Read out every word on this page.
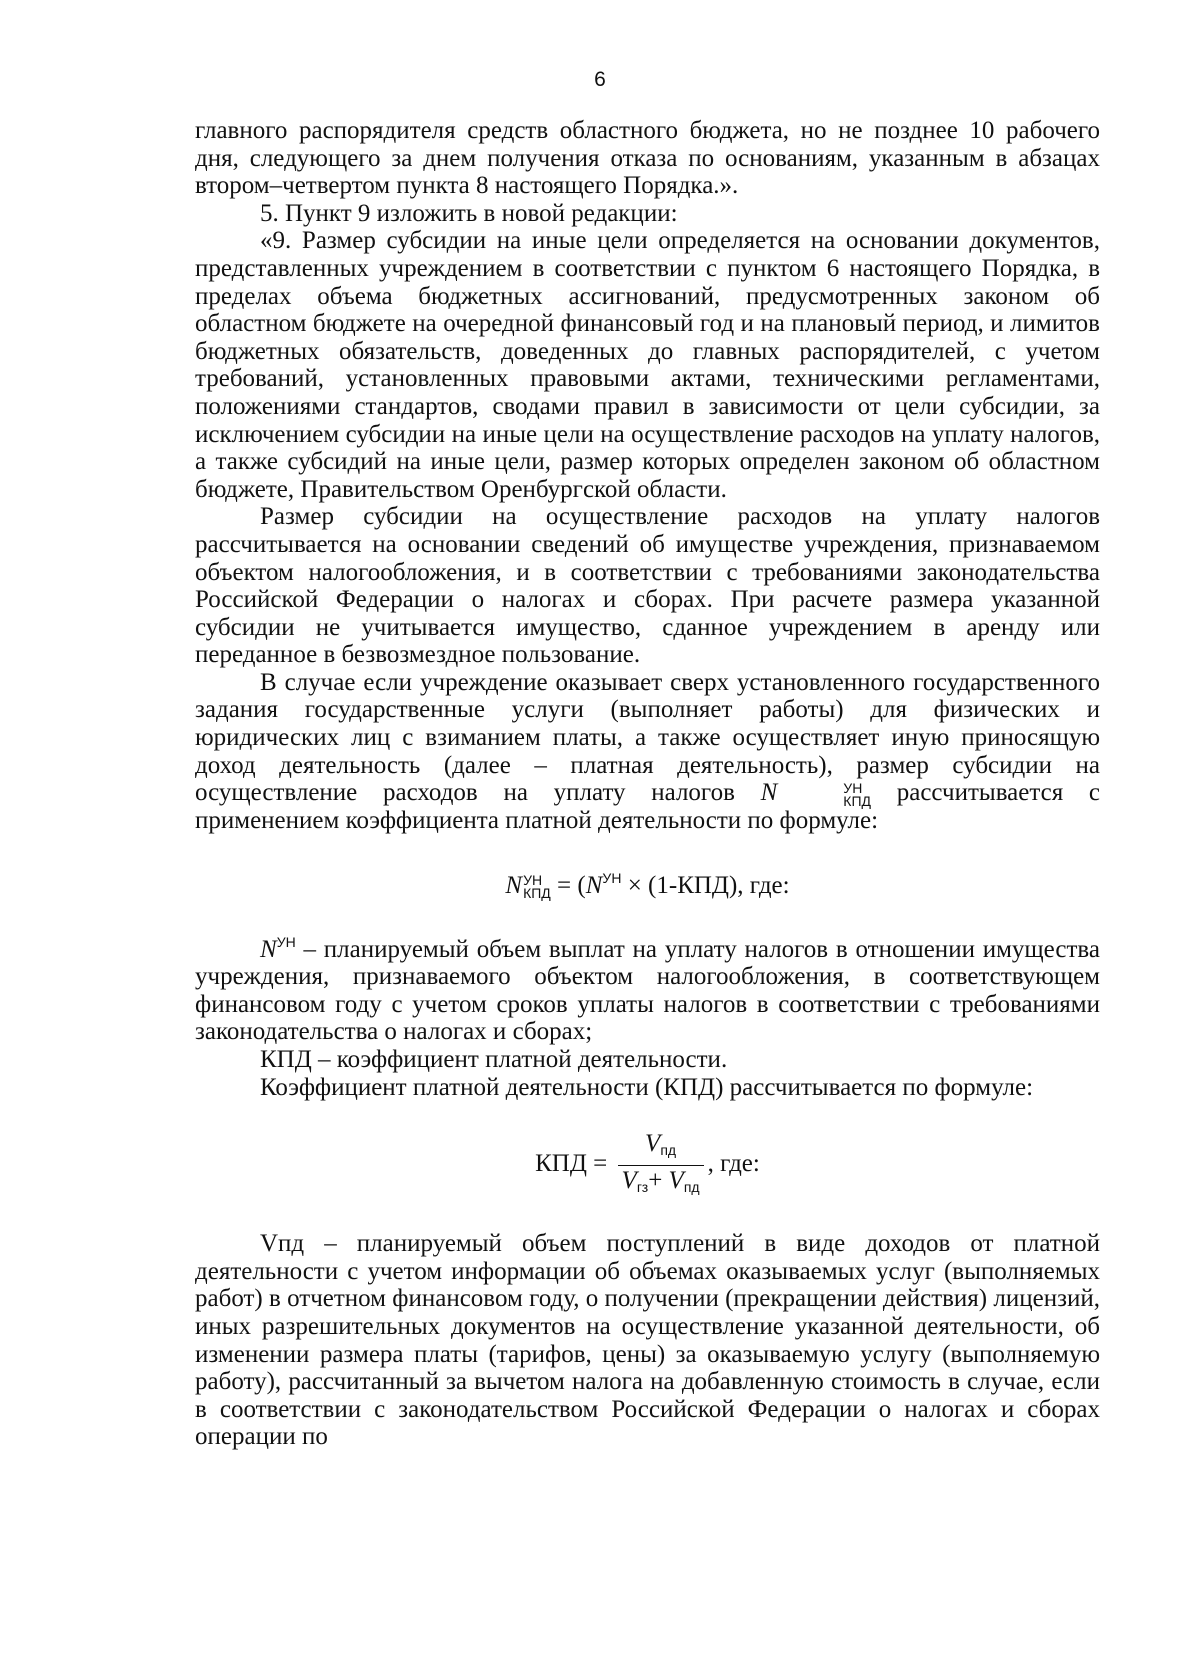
6

главного распорядителя средств областного бюджета, но не позднее 10 рабочего дня, следующего за днем получения отказа по основаниям, указанным в абзацах втором–четвертом пункта 8 настоящего Порядка.».

5. Пункт 9 изложить в новой редакции:

«9. Размер субсидии на иные цели определяется на основании документов, представленных учреждением в соответствии с пунктом 6 настоящего Порядка, в пределах объема бюджетных ассигнований, предусмотренных законом об областном бюджете на очередной финансовый год и на плановый период, и лимитов бюджетных обязательств, доведенных до главных распорядителей, с учетом требований, установленных правовыми актами, техническими регламентами, положениями стандартов, сводами правил в зависимости от цели субсидии, за исключением субсидии на иные цели на осуществление расходов на уплату налогов, а также субсидий на иные цели, размер которых определен законом об областном бюджете, Правительством Оренбургской области.

Размер субсидии на осуществление расходов на уплату налогов рассчитывается на основании сведений об имуществе учреждения, признаваемом объектом налогообложения, и в соответствии с требованиями законодательства Российской Федерации о налогах и сборах. При расчете размера указанной субсидии не учитывается имущество, сданное учреждением в аренду или переданное в безвозмездное пользование.

В случае если учреждение оказывает сверх установленного государственного задания государственные услуги (выполняет работы) для физических и юридических лиц с взиманием платы, а также осуществляет иную приносящую доход деятельность (далее – платная деятельность), размер субсидии на осуществление расходов на уплату налогов N	УН
КПД рассчитывается с применением коэффициента платной деятельности по формуле:

N УН
КПД = ($N^{УН} \times (1-КПД)$, где:

$N^{УН}$ – планируемый объем выплат на уплату налогов в отношении имущества учреждения, признаваемого объектом налогообложения, в соответствующем финансовом году с учетом сроков уплаты налогов в соответствии с требованиями законодательства о налогах и сборах;

КПД – коэффициент платной деятельности.

Коэффициент платной деятельности (КПД) рассчитывается по формуле:

КПД = $\frac{V_{пд}}{V_{гз}+ V_{пд}}$ , где:

Vпд – планируемый объем поступлений в виде доходов от платной деятельности с учетом информации об объемах оказываемых услуг (выполняемых работ) в отчетном финансовом году, о получении (прекращении действия) лицензий, иных разрешительных документов на осуществление указанной деятельности, об изменении размера платы (тарифов, цены) за оказываемую услугу (выполняемую работу), рассчитанный за вычетом налога на добавленную стоимость в случае, если в соответствии с законодательством Российской Федерации о налогах и сборах операции по
